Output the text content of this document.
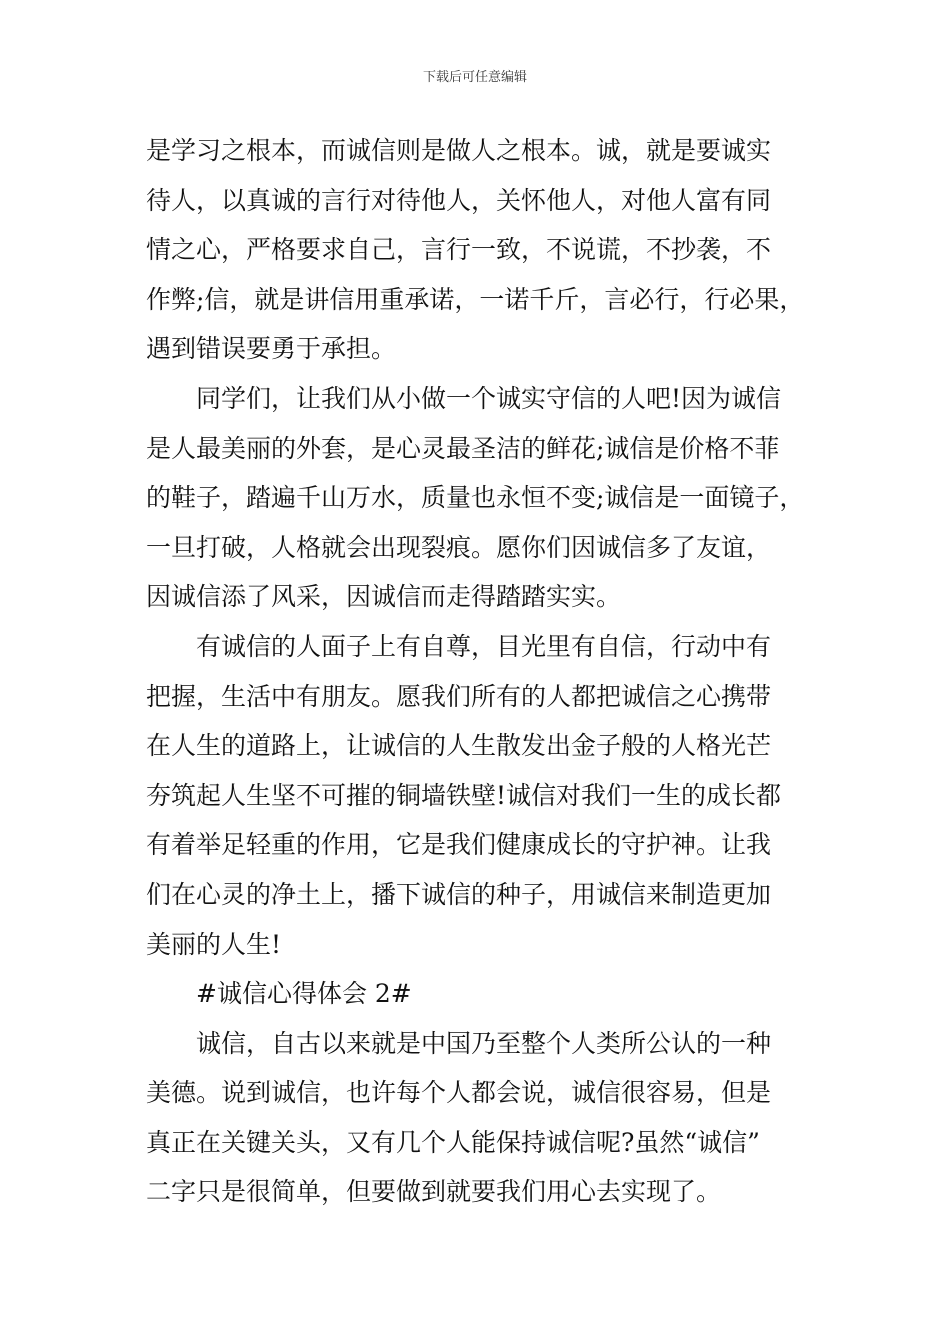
下载后可任意编辑
是学习之根本，而诚信则是做人之根本。诚，就是要诚实
待人，以真诚的言行对待他人，关怀他人，对他人富有同
情之心，严格要求自己，言行一致，不说谎，不抄袭，不
作弊;信，就是讲信用重承诺，一诺千斤，言必行，行必果，
遇到错误要勇于承担。
同学们，让我们从小做一个诚实守信的人吧!因为诚信
是人最美丽的外套，是心灵最圣洁的鲜花;诚信是价格不菲
的鞋子，踏遍千山万水，质量也永恒不变;诚信是一面镜子，
一旦打破，人格就会出现裂痕。愿你们因诚信多了友谊，
因诚信添了风采，因诚信而走得踏踏实实。
有诚信的人面子上有自尊，目光里有自信，行动中有
把握，生活中有朋友。愿我们所有的人都把诚信之心携带
在人生的道路上，让诚信的人生散发出金子般的人格光芒
夯筑起人生坚不可摧的铜墙铁壁!诚信对我们一生的成长都
有着举足轻重的作用，它是我们健康成长的守护神。让我
们在心灵的净土上，播下诚信的种子，用诚信来制造更加
美丽的人生!
#诚信心得体会 2#
诚信，自古以来就是中国乃至整个人类所公认的一种
美德。说到诚信，也许每个人都会说，诚信很容易，但是
真正在关键关头，又有几个人能保持诚信呢?虽然“诚信”
二字只是很简单，但要做到就要我们用心去实现了。
